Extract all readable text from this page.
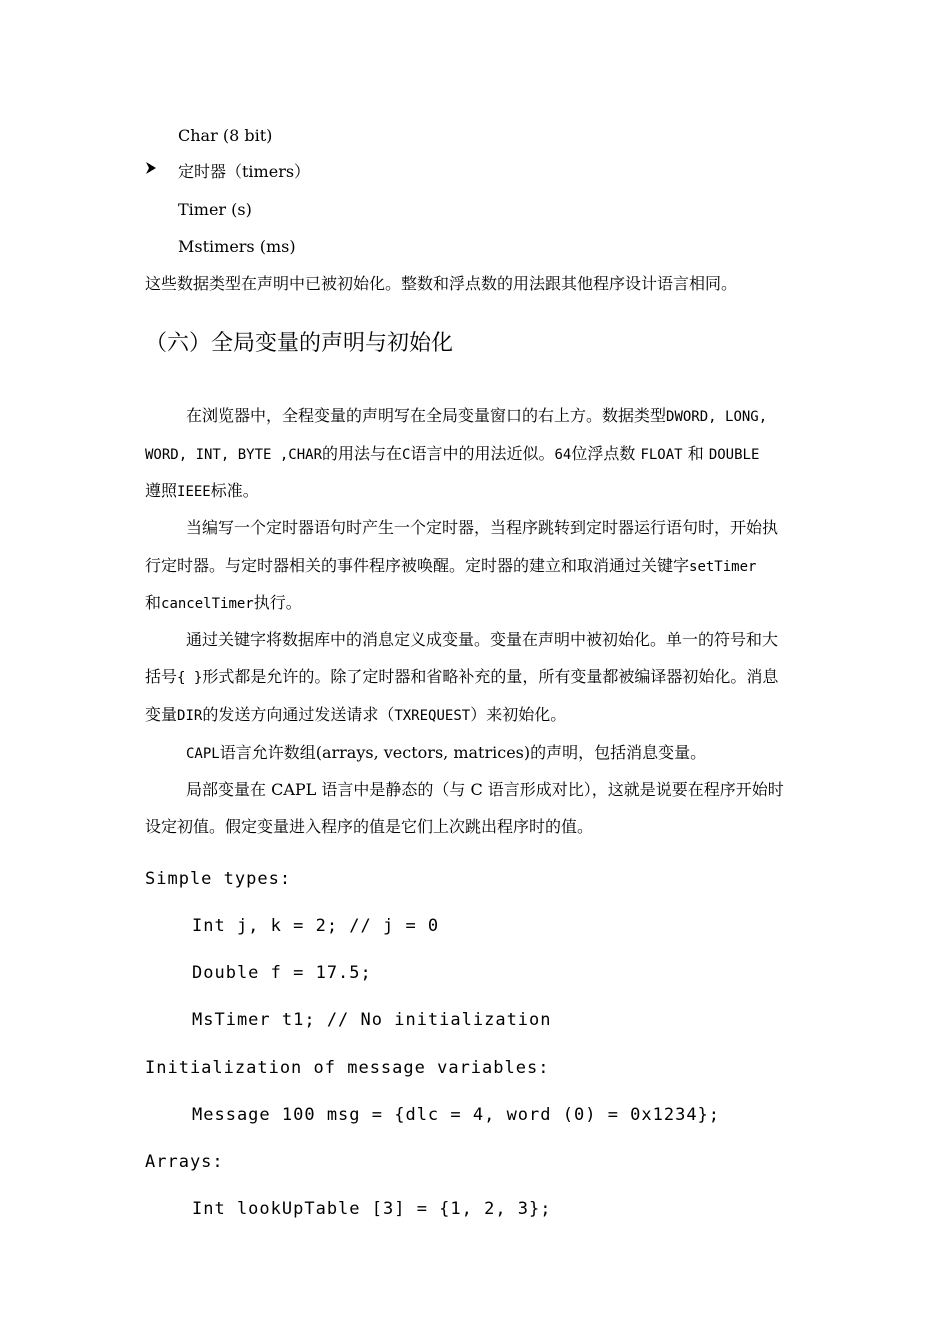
Char (8 bit)
定时器（timers）
Timer (s)
Mstimers (ms)
这些数据类型在声明中已被初始化。整数和浮点数的用法跟其他程序设计语言相同。
（六）全局变量的声明与初始化
在浏览器中，全程变量的声明写在全局变量窗口的右上方。数据类型DWORD, LONG,
WORD, INT, BYTE ,CHAR的用法与在C语言中的用法近似。64位浮点数 FLOAT 和 DOUBLE
遵照IEEE标准。
当编写一个定时器语句时产生一个定时器，当程序跳转到定时器运行语句时，开始执
行定时器。与定时器相关的事件程序被唤醒。定时器的建立和取消通过关键字setTimer
和cancelTimer执行。
通过关键字将数据库中的消息定义成变量。变量在声明中被初始化。单一的符号和大
括号{ }形式都是允许的。除了定时器和省略补充的量，所有变量都被编译器初始化。消息
变量DIR的发送方向通过发送请求（TXREQUEST）来初始化。
CAPL语言允许数组(arrays, vectors, matrices)的声明，包括消息变量。
局部变量在 CAPL 语言中是静态的（与 C 语言形成对比），这就是说要在程序开始时
设定初值。假定变量进入程序的值是它们上次跳出程序时的值。
Simple types:
Int j, k = 2; // j = 0
Double f = 17.5;
MsTimer t1; // No initialization
Initialization of message variables:
Message 100 msg = {dlc = 4, word (0) = 0x1234};
Arrays:
Int lookUpTable [3] = {1, 2, 3};
